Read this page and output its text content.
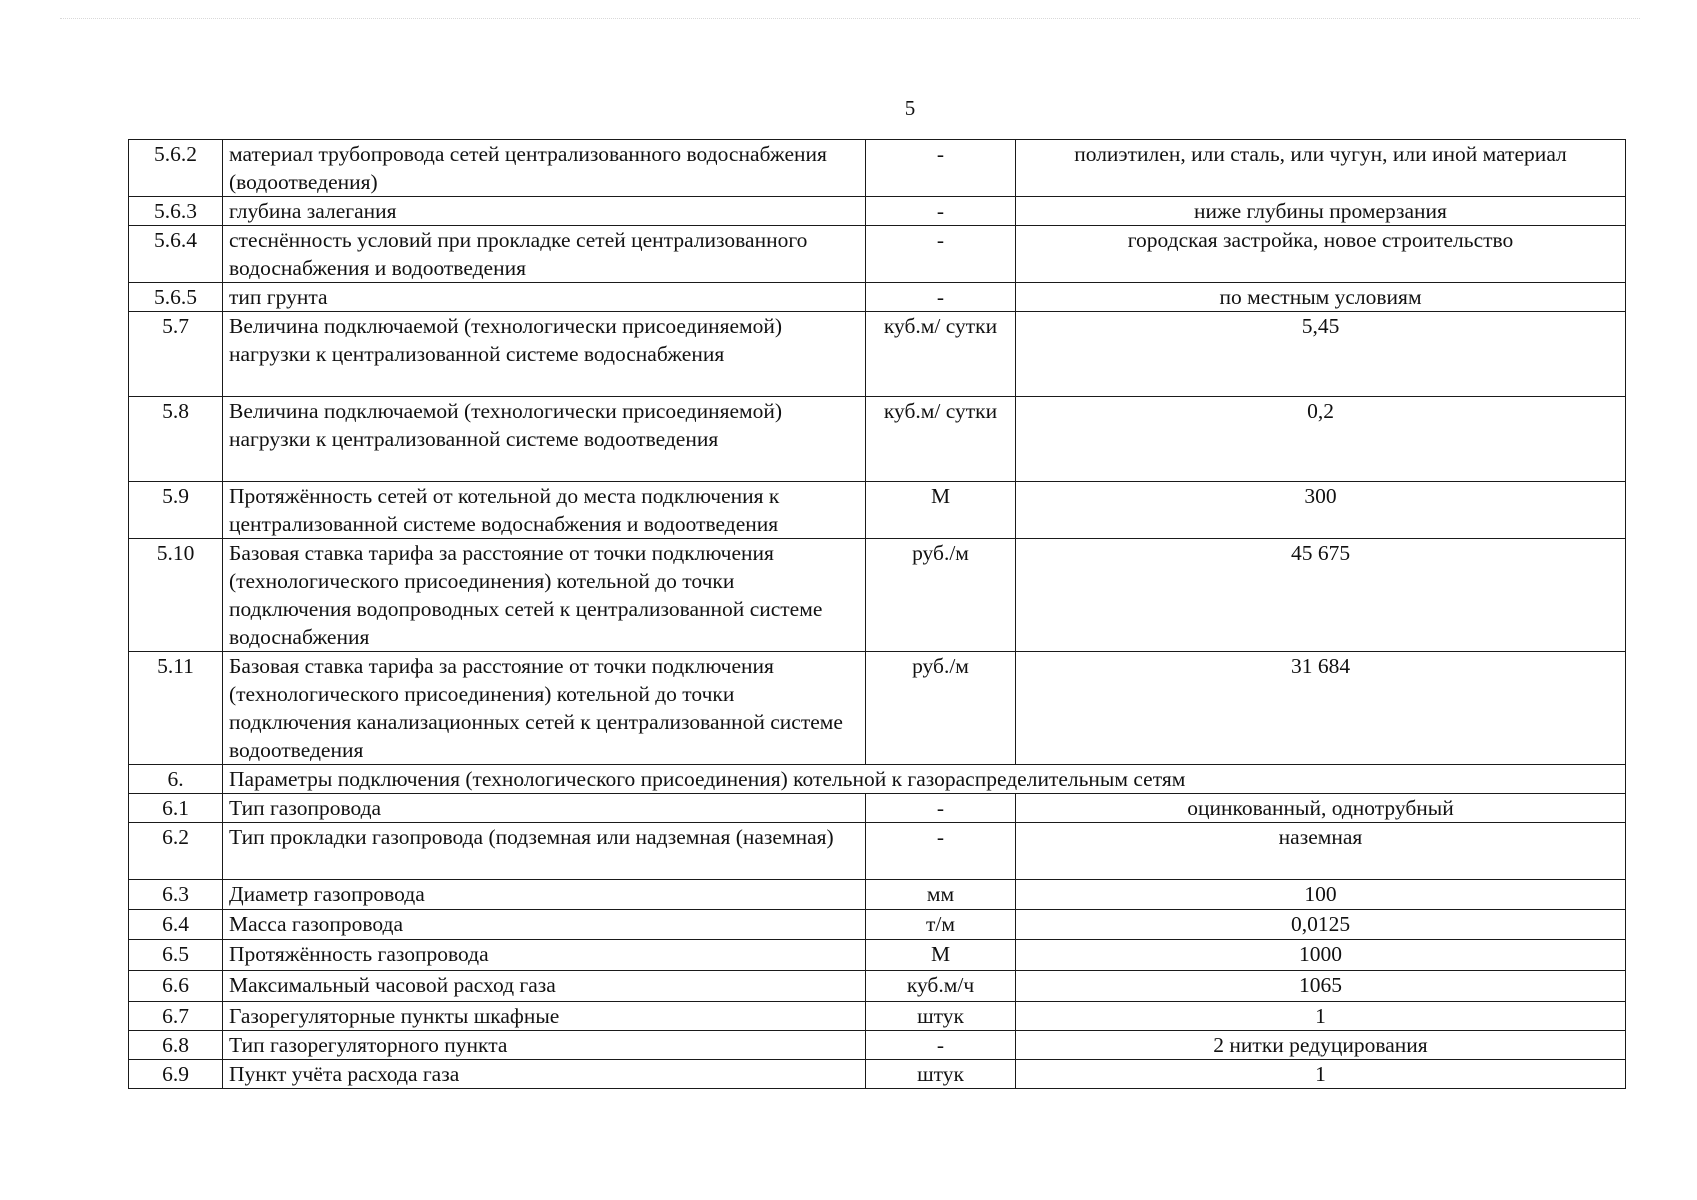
5
5.6.2	материал трубопровода сетей централизованного водоснабжения (водоотведения)	-	полиэтилен, или сталь, или чугун, или иной материал
5.6.3	глубина залегания	-	ниже глубины промерзания
5.6.4	стеснённость условий при прокладке сетей централизованного водоснабжения и водоотведения	-	городская застройка, новое строительство
5.6.5	тип грунта	-	по местным условиям
5.7	Величина подключаемой (технологически присоединяемой) нагрузки к централизованной системе водоснабжения	куб.м/ сутки	5,45
5.8	Величина подключаемой (технологически присоединяемой) нагрузки к централизованной системе водоотведения	куб.м/ сутки	0,2
5.9	Протяжённость сетей от котельной до места подключения к централизованной системе водоснабжения и водоотведения	М	300
5.10	Базовая ставка тарифа за расстояние от точки подключения (технологического присоединения) котельной до точки подключения водопроводных сетей к централизованной системе водоснабжения	руб./м	45 675
5.11	Базовая ставка тарифа за расстояние от точки подключения (технологического присоединения) котельной до точки подключения канализационных сетей к централизованной системе водоотведения	руб./м	31 684
6.	Параметры подключения (технологического присоединения) котельной к газораспределительным сетям		
6.1	Тип газопровода	-	оцинкованный, однотрубный
6.2	Тип прокладки газопровода (подземная или надземная (наземная)	-	наземная
6.3	Диаметр газопровода	мм	100
6.4	Масса газопровода	т/м	0,0125
6.5	Протяжённость газопровода	М	1000
6.6	Максимальный часовой расход газа	куб.м/ч	1065
6.7	Газорегуляторные пункты шкафные	штук	1
6.8	Тип газорегуляторного пункта	-	2 нитки редуцирования
6.9	Пункт учёта расхода газа	штук	1
